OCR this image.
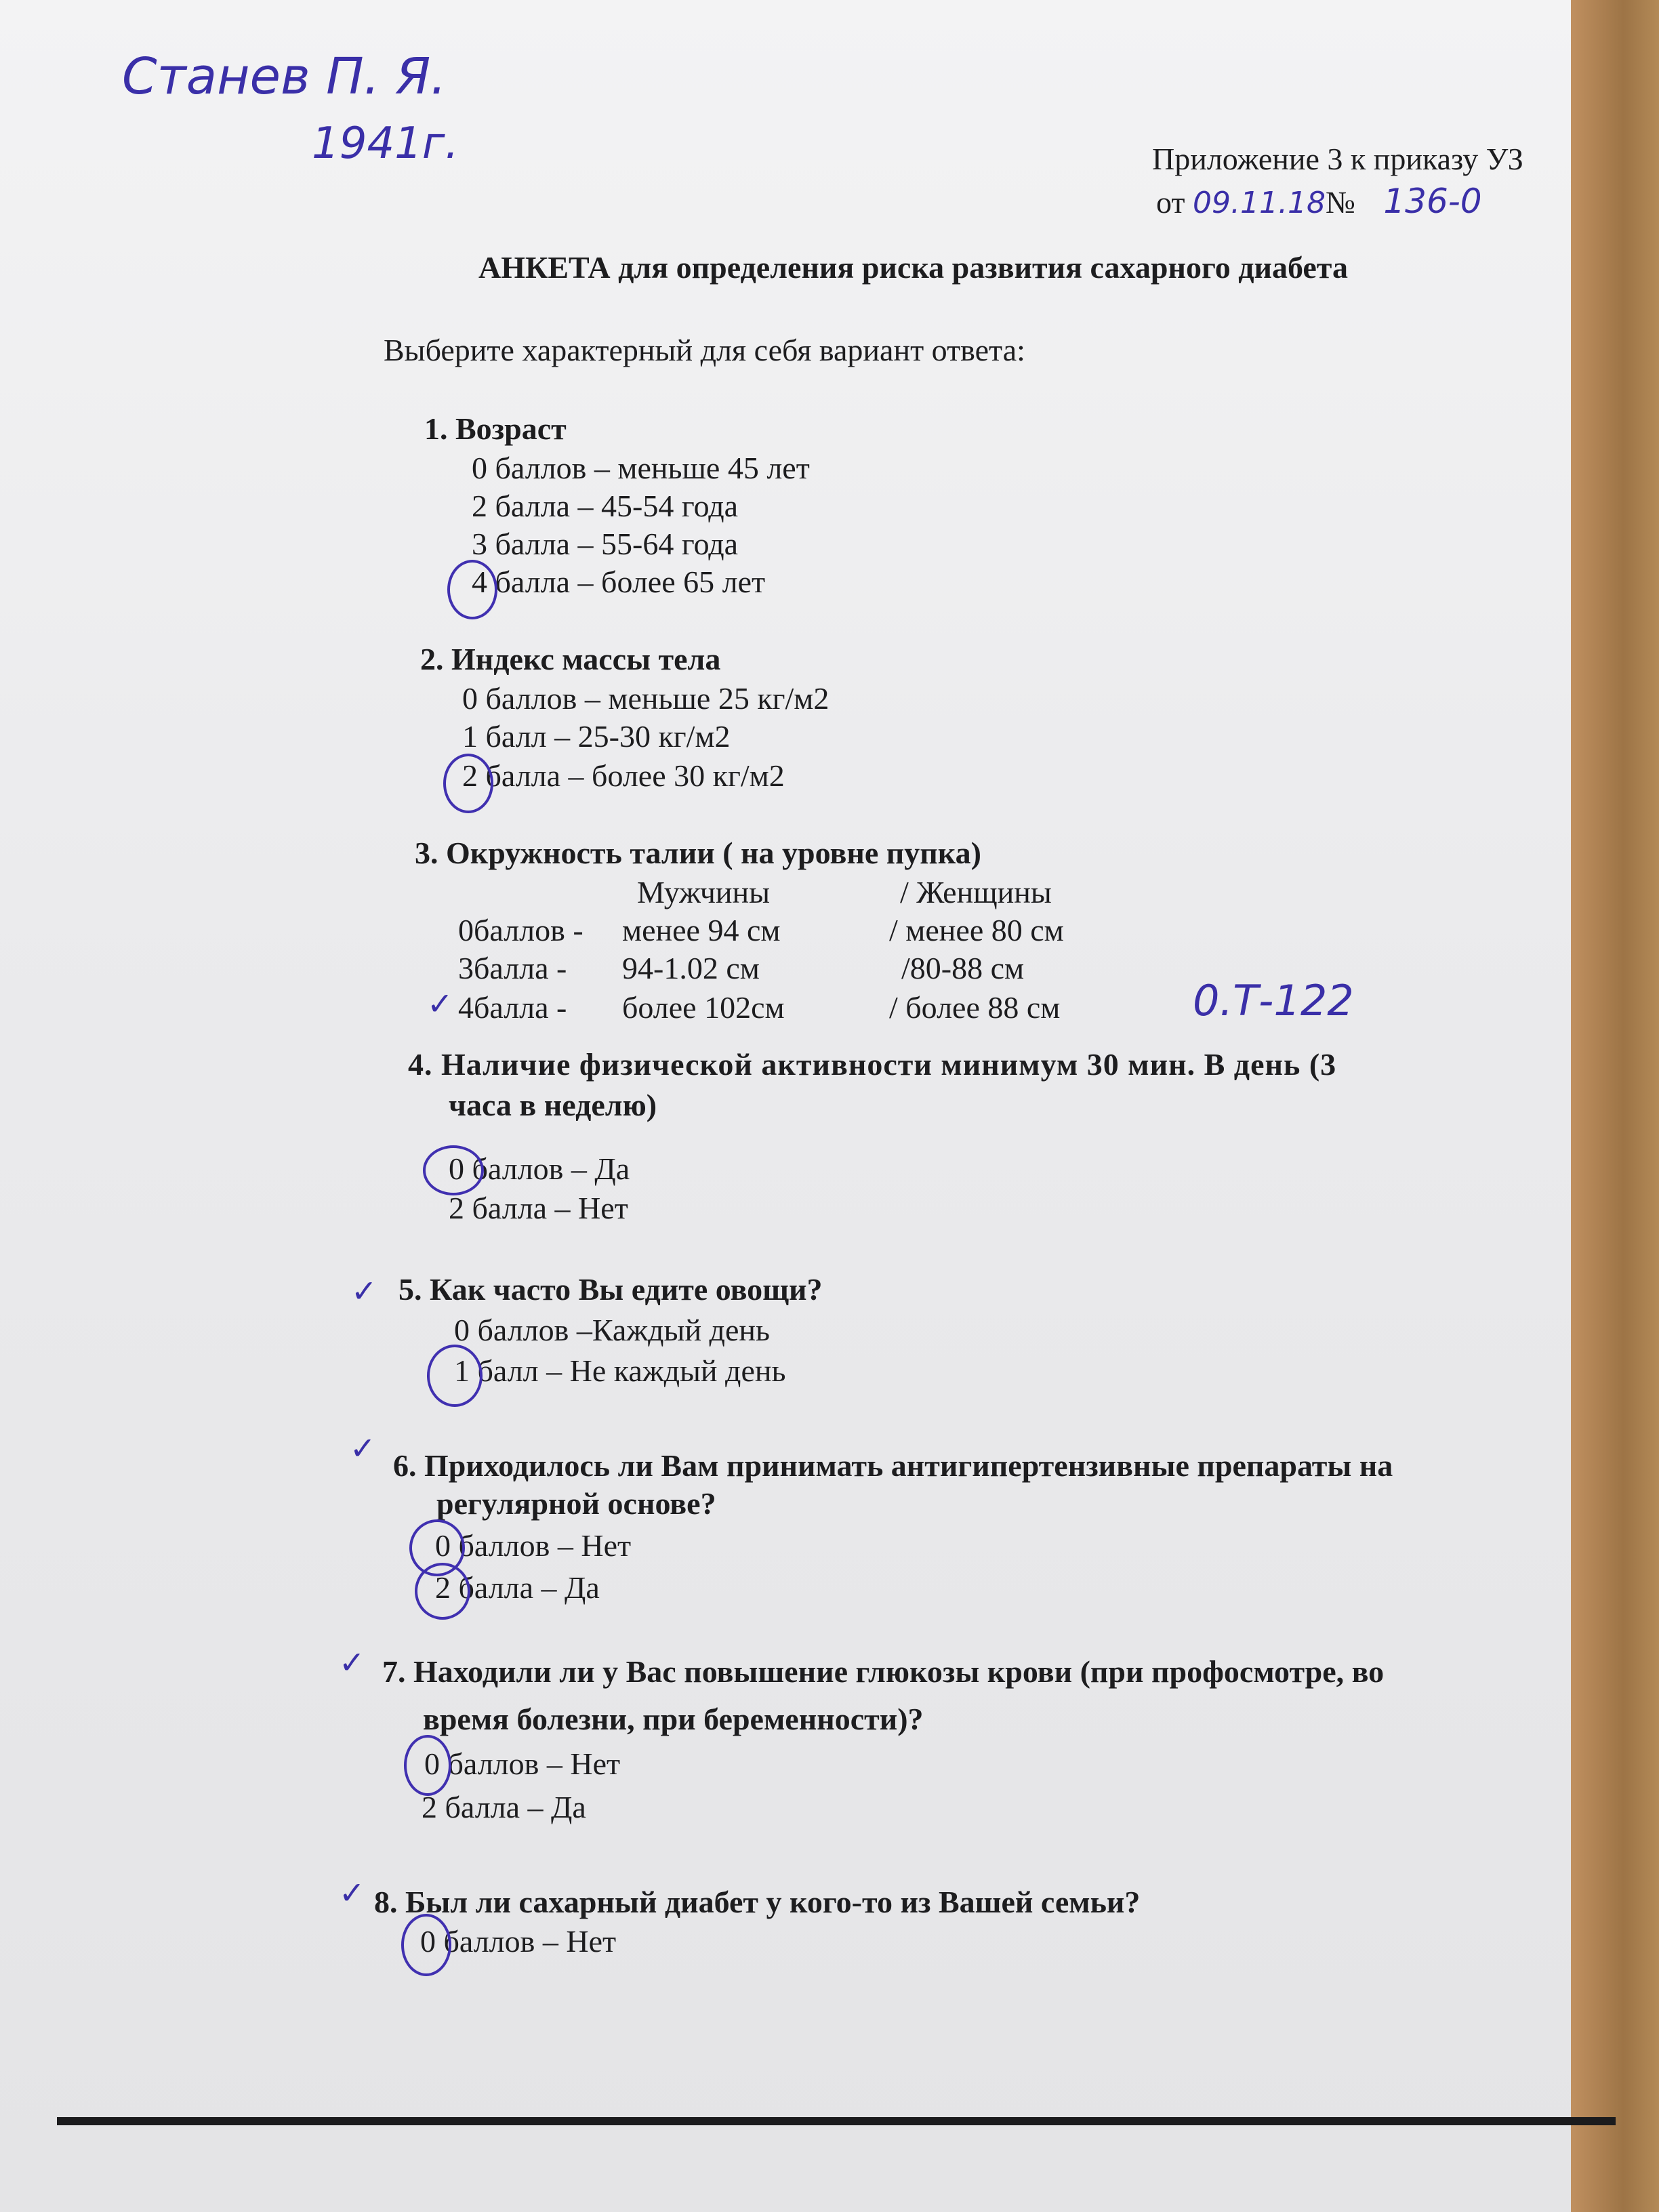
Станев П. Я.
1941г.	Приложение 3 к приказу УЗ
от 09.11.18№ 136-0
АНКЕТА для определения риска развития сахарного диабета
Выберите характерный для себя вариант ответа:
1. Возраст
0 баллов – меньше 45 лет
2 балла – 45-54 года
3 балла – 55-64 года
4 балла – более 65 лет
2. Индекс массы тела
0 баллов – меньше 25 кг/м2
1 балл – 25-30 кг/м2
2 балла – более 30 кг/м2
3. Окружность талии ( на уровне пупка)
Мужчины	/ Женщины
0баллов - менее 94 см	/ менее 80 см
3балла - 94-1.02 см	/80-88 см
✓ 4балла - более 102см	/ более 88 см	0.Т-122
4. Наличие физической активности минимум 30 мин. В день (3
часа в неделю)
0 баллов – Да
2 балла – Нет
✓ 5. Как часто Вы едите овощи?
0 баллов –Каждый день
1 балл – Не каждый день
✓ 6. Приходилось ли Вам принимать антигипертензивные препараты на
регулярной основе?
0 баллов – Нет
2 балла – Да
✓ 7. Находили ли у Вас повышение глюкозы крови (при профосмотре, во
время болезни, при беременности)?
0 баллов – Нет
2 балла – Да
✓ 8. Был ли сахарный диабет у кого-то из Вашей семьи?
0 баллов – Нет
